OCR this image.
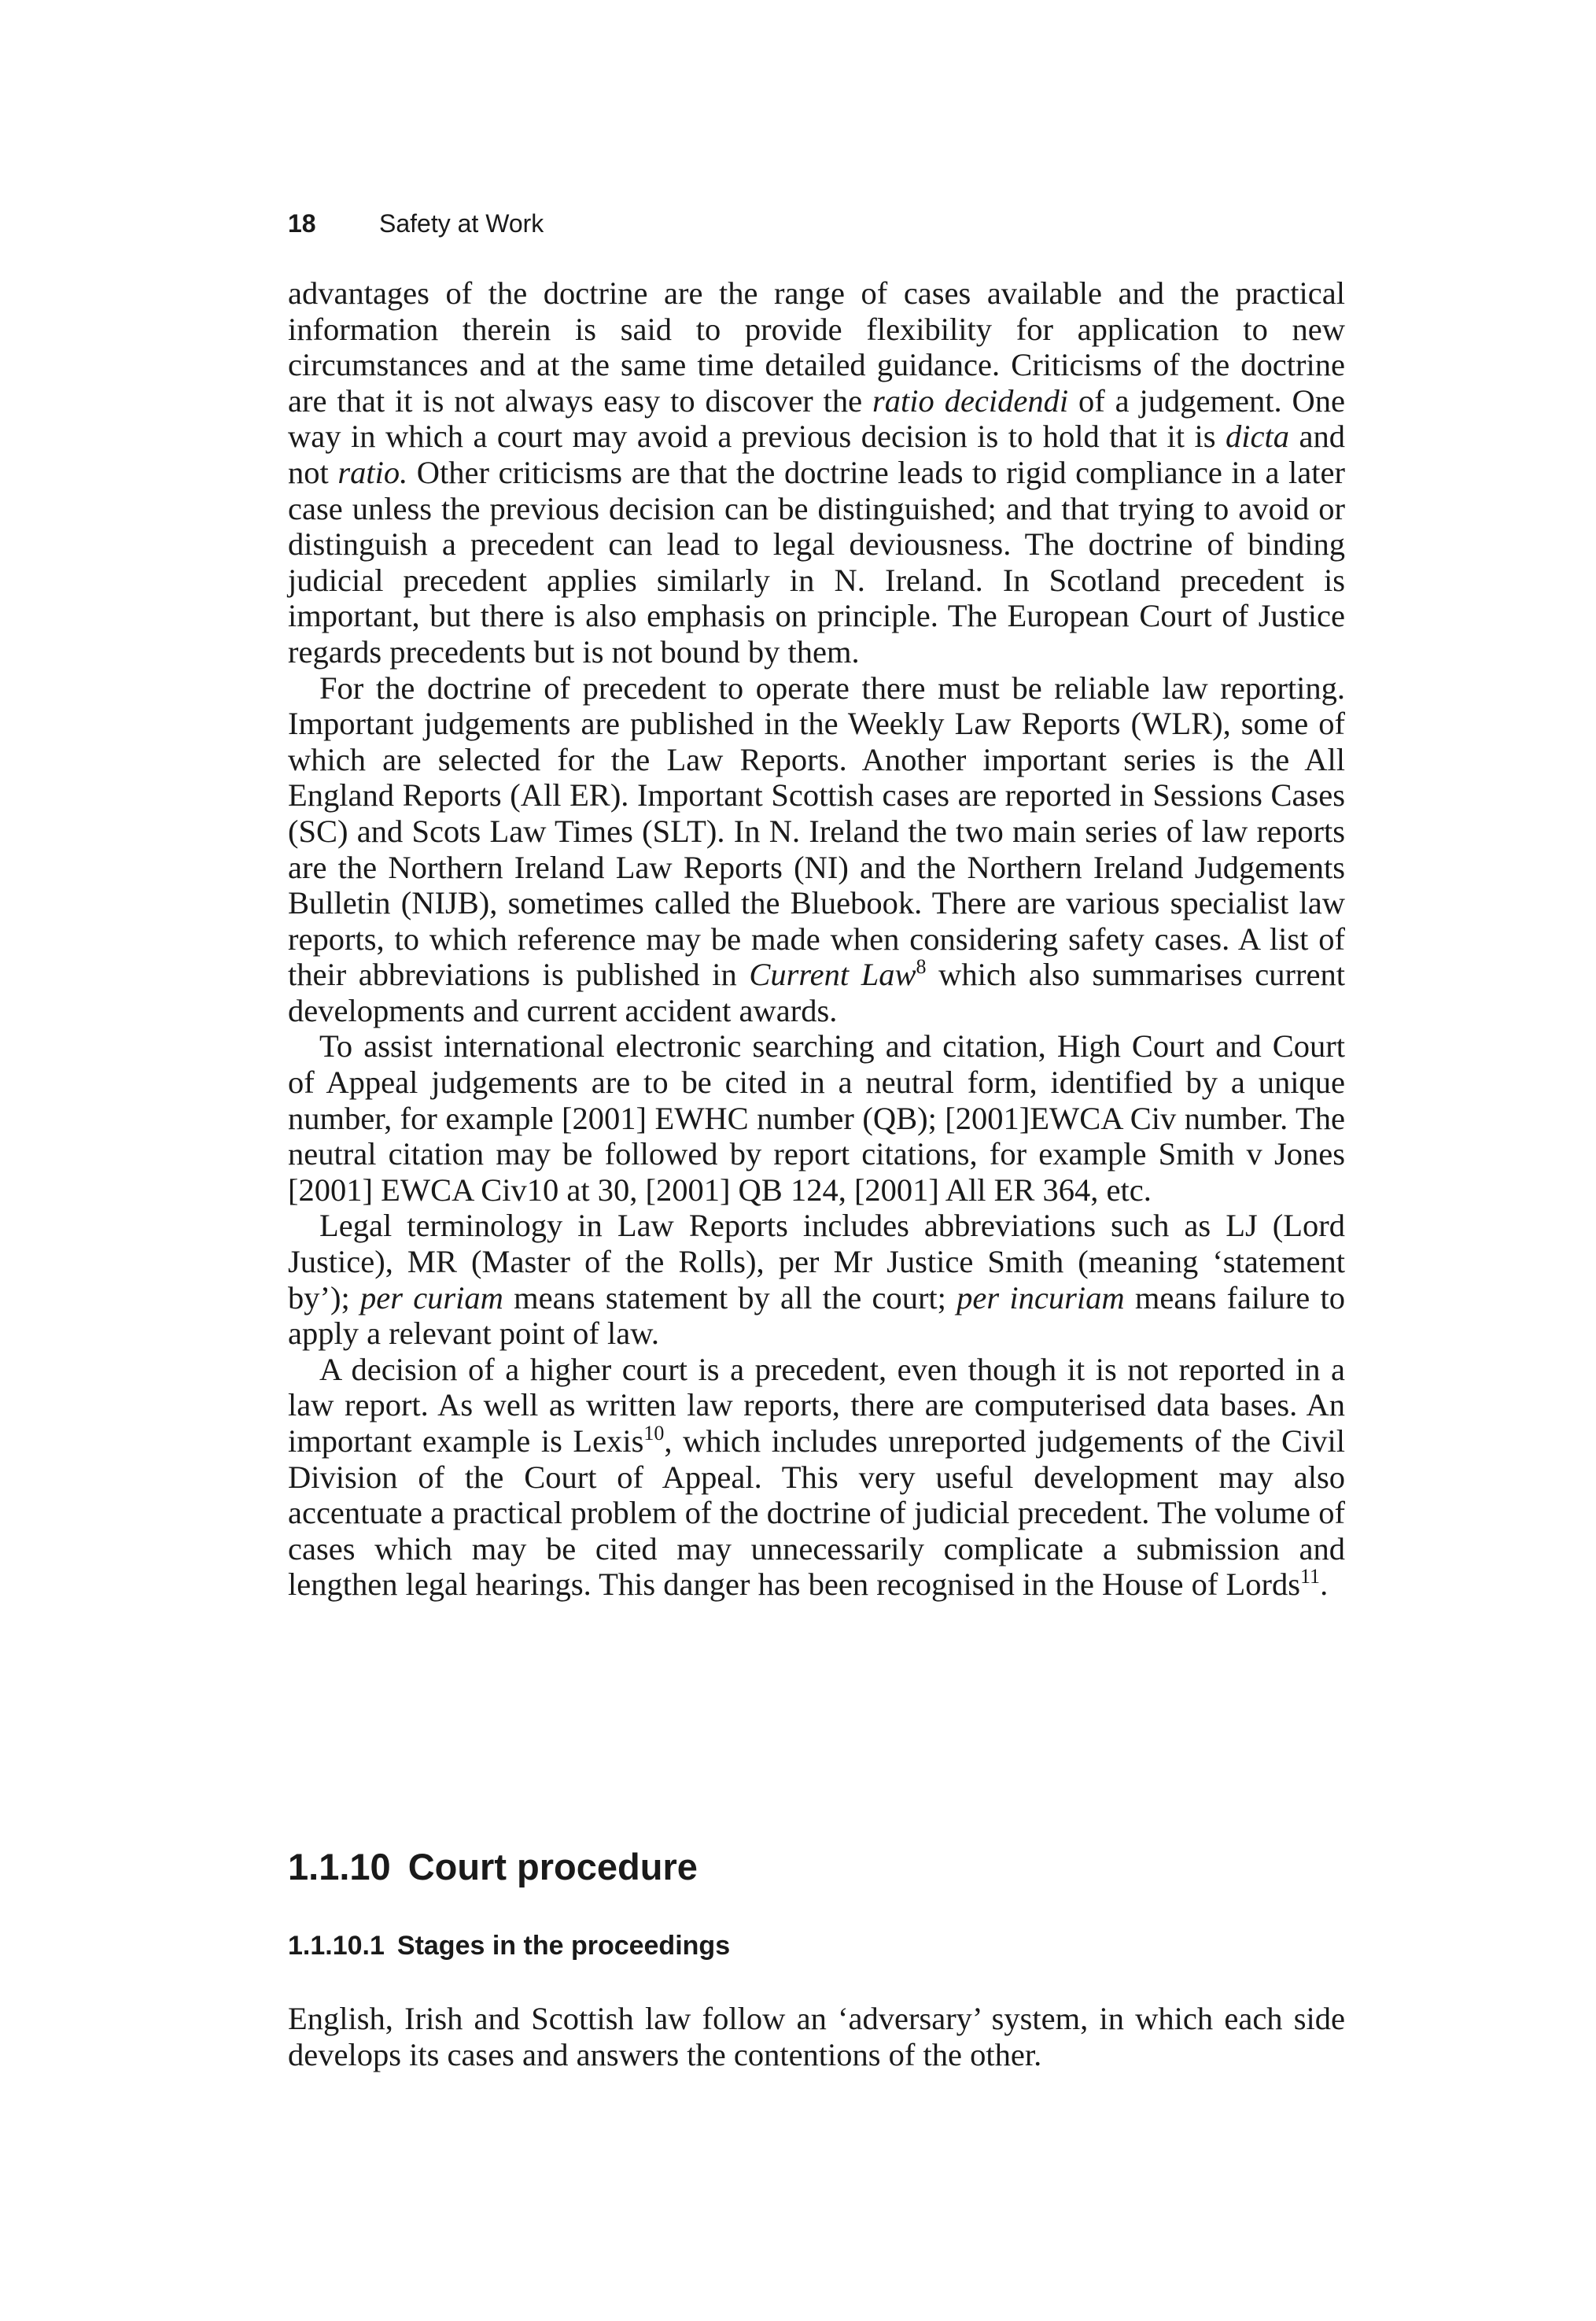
18	Safety at Work

advantages of the doctrine are the range of cases available and the practical information therein is said to provide flexibility for application to new circumstances and at the same time detailed guidance. Criticisms of the doctrine are that it is not always easy to discover the ratio decidendi of a judgement. One way in which a court may avoid a previous decision is to hold that it is dicta and not ratio. Other criticisms are that the doctrine leads to rigid compliance in a later case unless the previous decision can be distinguished; and that trying to avoid or distinguish a precedent can lead to legal deviousness. The doctrine of binding judicial precedent applies similarly in N. Ireland. In Scotland precedent is important, but there is also emphasis on principle. The European Court of Justice regards precedents but is not bound by them.

For the doctrine of precedent to operate there must be reliable law reporting. Important judgements are published in the Weekly Law Reports (WLR), some of which are selected for the Law Reports. Another important series is the All England Reports (All ER). Important Scottish cases are reported in Sessions Cases (SC) and Scots Law Times (SLT). In N. Ireland the two main series of law reports are the Northern Ireland Law Reports (NI) and the Northern Ireland Judgements Bulletin (NIJB), sometimes called the Bluebook. There are various specialist law reports, to which reference may be made when considering safety cases. A list of their abbreviations is published in Current Law$^8$ which also summarises current developments and current accident awards.

To assist international electronic searching and citation, High Court and Court of Appeal judgements are to be cited in a neutral form, identified by a unique number, for example [2001] EWHC number (QB); [2001]EWCA Civ number. The neutral citation may be followed by report citations, for example Smith v Jones [2001] EWCA Civ10 at 30, [2001] QB 124, [2001] All ER 364, etc.

Legal terminology in Law Reports includes abbreviations such as LJ (Lord Justice), MR (Master of the Rolls), per Mr Justice Smith (meaning ‘statement by’); per curiam means statement by all the court; per incuriam means failure to apply a relevant point of law.

A decision of a higher court is a precedent, even though it is not reported in a law report. As well as written law reports, there are computerised data bases. An important example is Lexis$^{10}$, which includes unreported judgements of the Civil Division of the Court of Appeal. This very useful development may also accentuate a practical problem of the doctrine of judicial precedent. The volume of cases which may be cited may unnecessarily complicate a submission and lengthen legal hearings. This danger has been recognised in the House of Lords$^{11}$.

1.1.10 Court procedure
1.1.10.1 Stages in the proceedings

English, Irish and Scottish law follow an ‘adversary’ system, in which each side develops its cases and answers the contentions of the other.
